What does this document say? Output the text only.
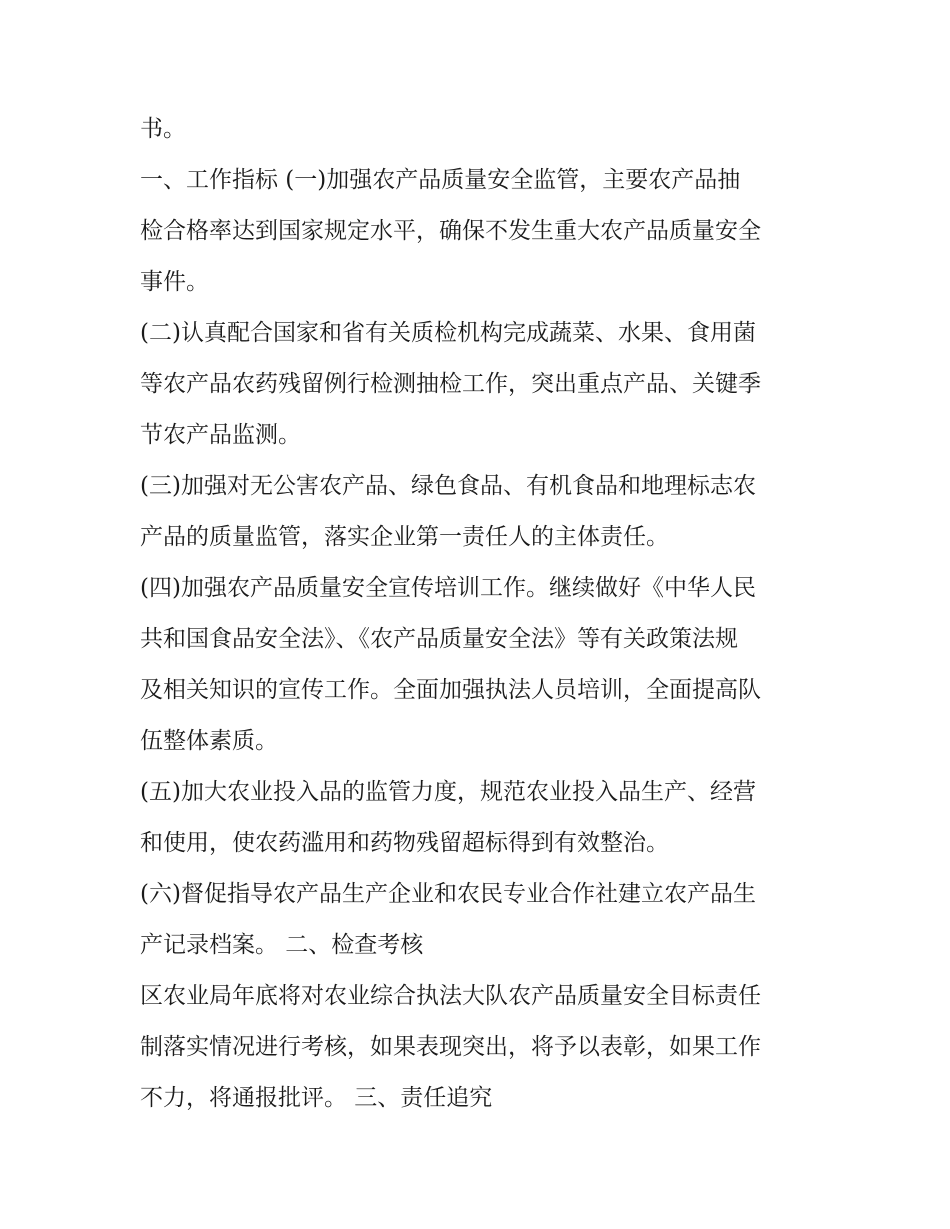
书。
一、工作指标 (一)加强农产品质量安全监管，主要农产品抽
检合格率达到国家规定水平，确保不发生重大农产品质量安全
事件。
(二)认真配合国家和省有关质检机构完成蔬菜、水果、食用菌
等农产品农药残留例行检测抽检工作，突出重点产品、关键季
节农产品监测。
(三)加强对无公害农产品、绿色食品、有机食品和地理标志农
产品的质量监管，落实企业第一责任人的主体责任。
(四)加强农产品质量安全宣传培训工作。继续做好《中华人民
共和国食品安全法》、《农产品质量安全法》等有关政策法规
及相关知识的宣传工作。全面加强执法人员培训，全面提高队
伍整体素质。
(五)加大农业投入品的监管力度，规范农业投入品生产、经营
和使用，使农药滥用和药物残留超标得到有效整治。
(六)督促指导农产品生产企业和农民专业合作社建立农产品生
产记录档案。 二、检查考核
区农业局年底将对农业综合执法大队农产品质量安全目标责任
制落实情况进行考核，如果表现突出，将予以表彰，如果工作
不力，将通报批评。 三、责任追究
